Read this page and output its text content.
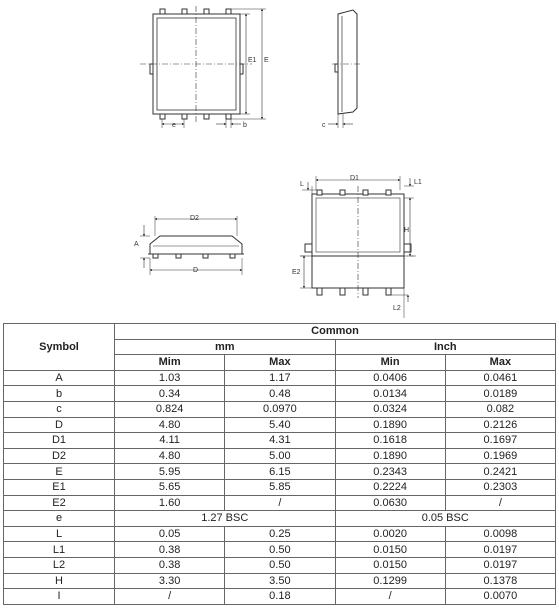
e	b
E1 E
c
D2
D
A
D1
L	L1
H
E2
L2
Symbol	Common			
	mm		Inch	
	Mim	Max	Min	Max
A	1.03	1.17	0.0406	0.0461
b	0.34	0.48	0.0134	0.0189
c	0.824	0.0970	0.0324	0.082
D	4.80	5.40	0.1890	0.2126
D1	4.11	4.31	0.1618	0.1697
D2	4.80	5.00	0.1890	0.1969
E	5.95	6.15	0.2343	0.2421
E1	5.65	5.85	0.2224	0.2303
E2	1.60	/	0.0630	/
e	1.27 BSC		0.05 BSC	
L	0.05	0.25	0.0020	0.0098
L1	0.38	0.50	0.0150	0.0197
L2	0.38	0.50	0.0150	0.0197
H	3.30	3.50	0.1299	0.1378
I	/	0.18	/	0.0070
